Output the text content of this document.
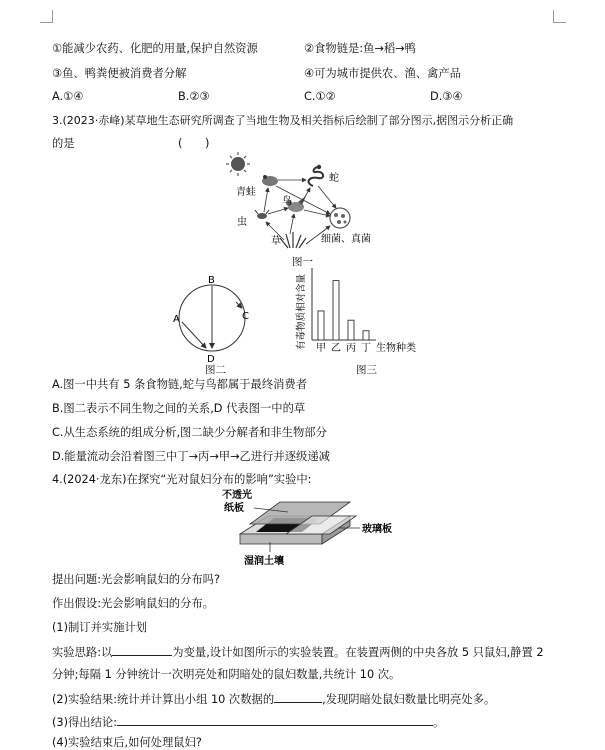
①能减少农药、化肥的用量,保护自然资源	②食物链是:鱼→稻→鸭
③鱼、鸭粪便被消费者分解	④可为城市提供农、渔、禽产品
A.①④	B.②③	C.①②	D.③④
3.(2023·赤峰)某草地生态研究所调查了当地生物及相关指标后绘制了部分图示,据图示分析正确
的是	(　　)
青蛙
蛇
鸟
虫
草	细菌、真菌
图一
B
A	C
D
图二
有毒物质相对含量 甲 乙 丙 丁 生物种类
图三
A.图一中共有 5 条食物链,蛇与鸟都属于最终消费者
B.图二表示不同生物之间的关系,D 代表图一中的草
C.从生态系统的组成分析,图二缺少分解者和非生物部分
D.能量流动会沿着图三中丁→丙→甲→乙进行并逐级递减
4.(2024·龙东)在探究“光对鼠妇分布的影响”实验中:
不透光
纸板
玻璃板
湿润土壤
提出问题:光会影响鼠妇的分布吗?
作出假设:光会影响鼠妇的分布。
(1)制订并实施计划
实验思路:以	为变量,设计如图所示的实验装置。在装置两侧的中央各放 5 只鼠妇,静置 2
分钟;每隔 1 分钟统计一次明亮处和阴暗处的鼠妇数量,共统计 10 次。
(2)实验结果:统计并计算出小组 10 次数据的	,发现阴暗处鼠妇数量比明亮处多。
(3)得出结论:	。
(4)实验结束后,如何处理鼠妇?
